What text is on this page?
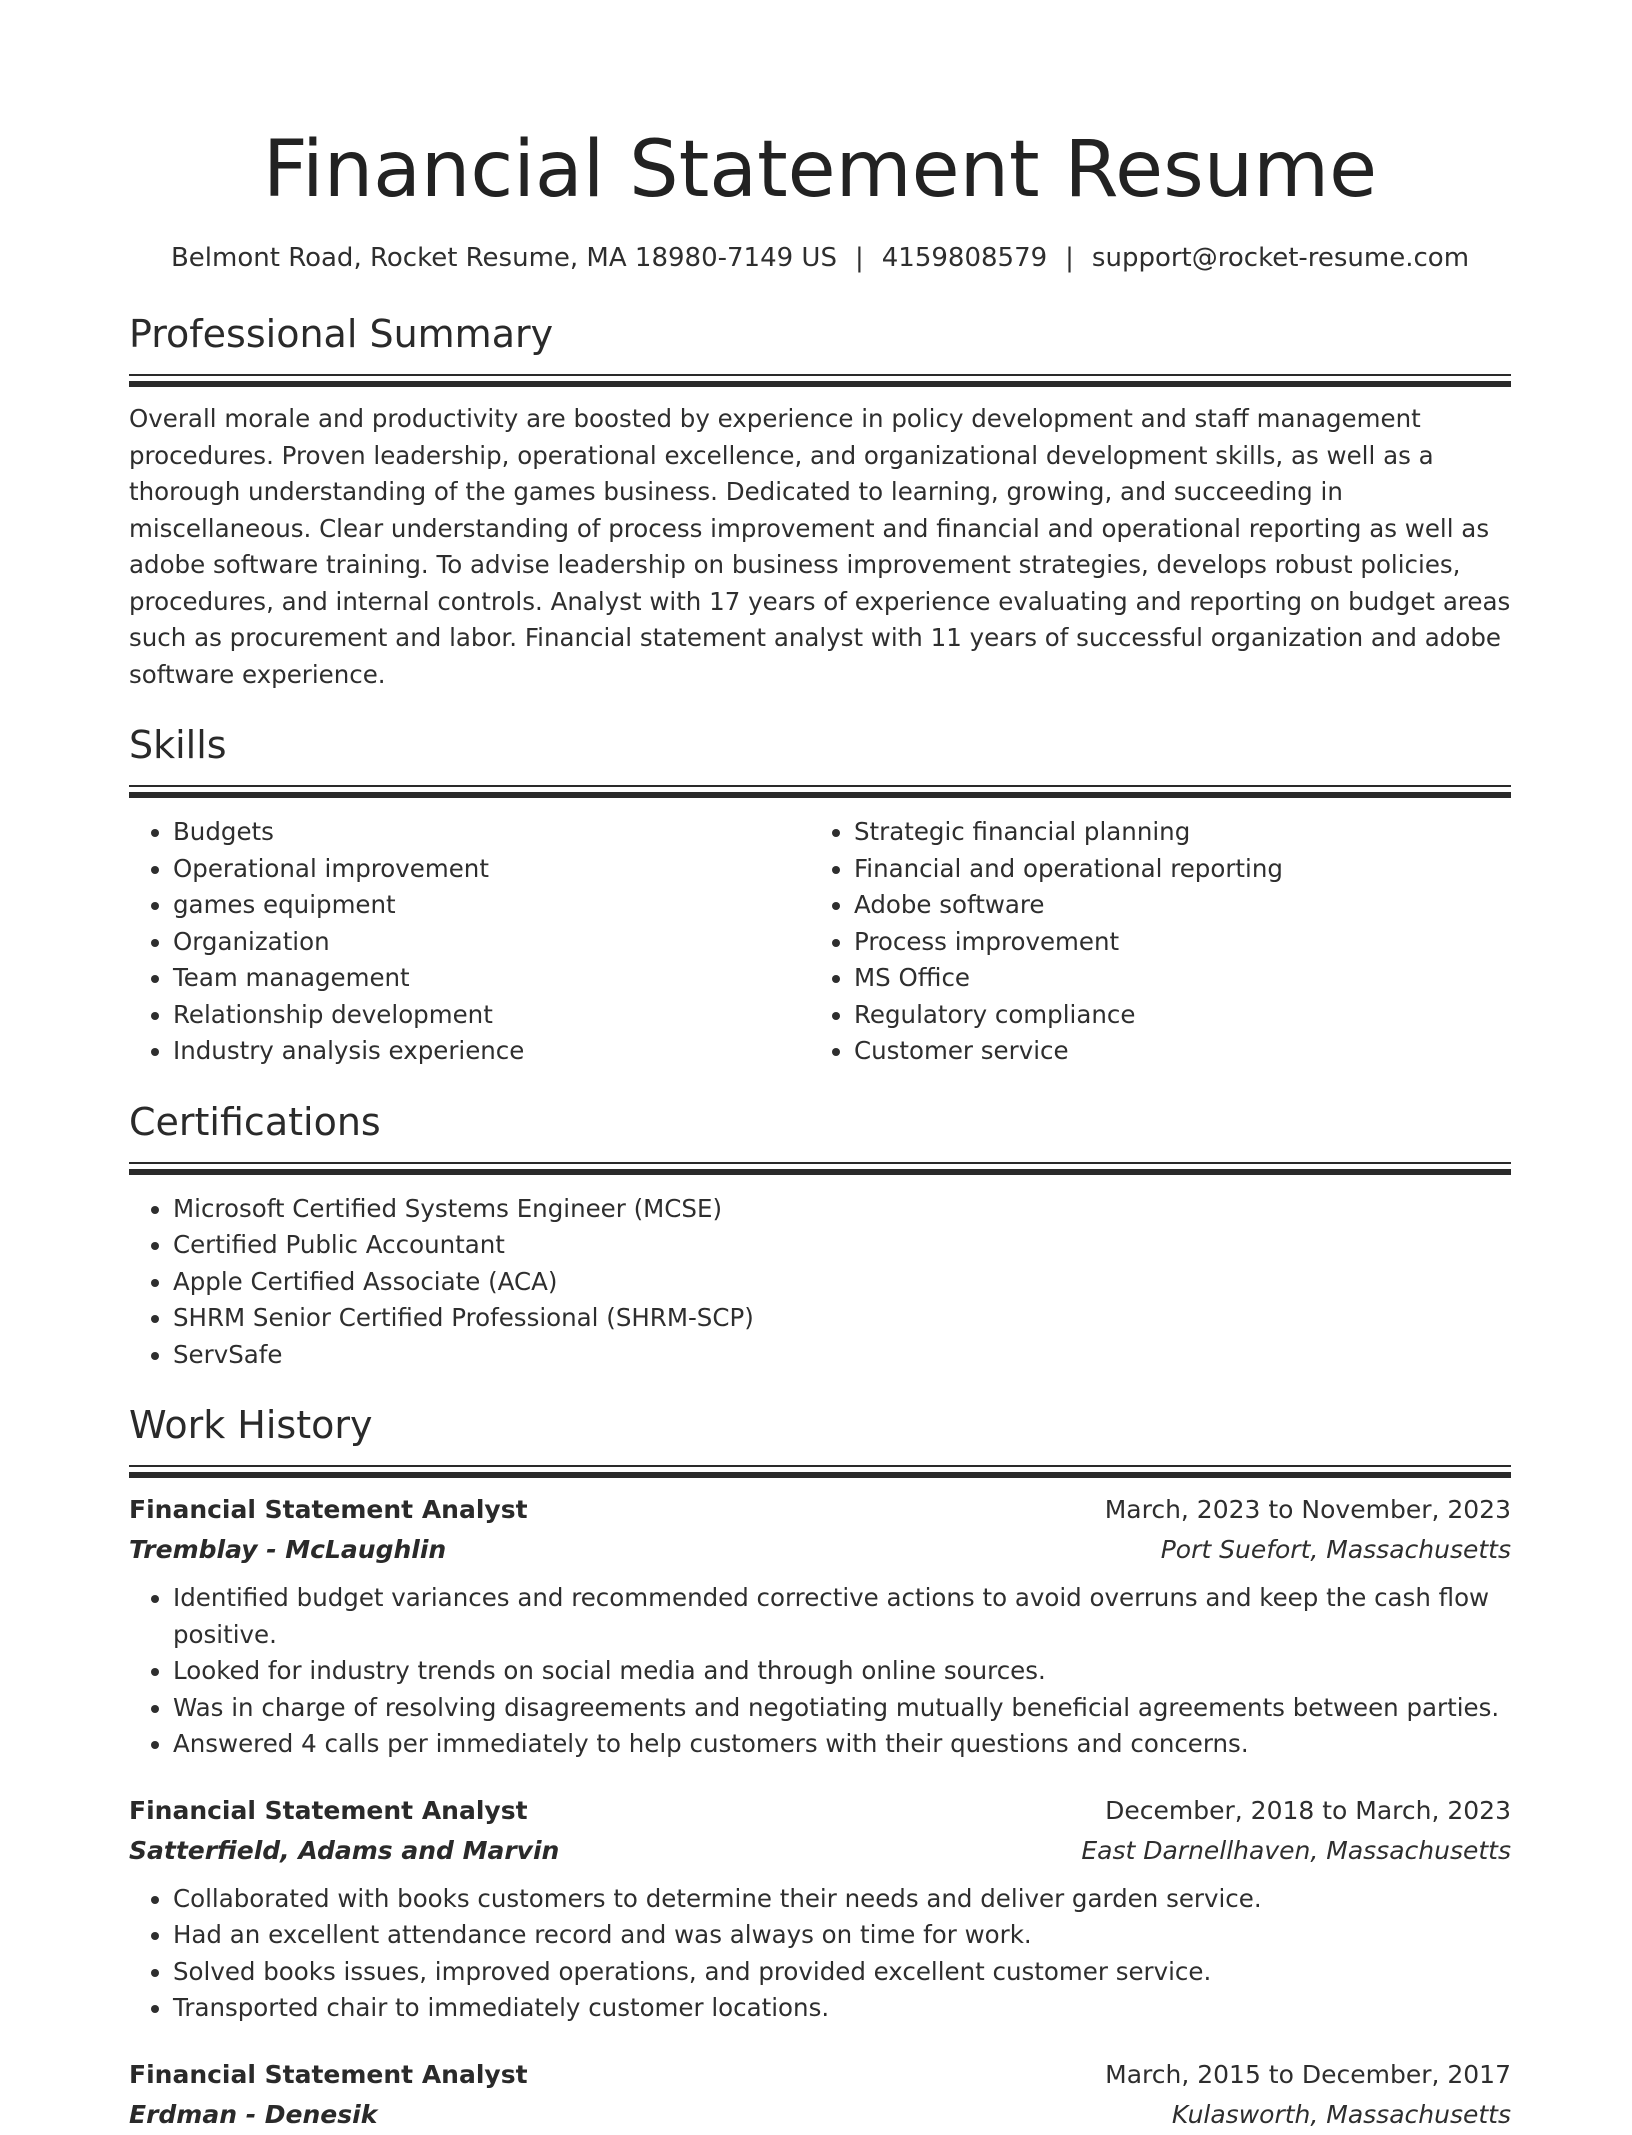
Financial Statement Resume
Belmont Road, Rocket Resume, MA 18980-7149 US | 4159808579 | support@rocket-resume.com
Professional Summary
Overall morale and productivity are boosted by experience in policy development and staff management procedures. Proven leadership, operational excellence, and organizational development skills, as well as a thorough understanding of the games business. Dedicated to learning, growing, and succeeding in miscellaneous. Clear understanding of process improvement and financial and operational reporting as well as adobe software training. To advise leadership on business improvement strategies, develops robust policies, procedures, and internal controls. Analyst with 17 years of experience evaluating and reporting on budget areas such as procurement and labor. Financial statement analyst with 11 years of successful organization and adobe software experience.
Skills
• Budgets
• Operational improvement
• games equipment
• Organization
• Team management
• Relationship development
• Industry analysis experience
• Strategic financial planning
• Financial and operational reporting
• Adobe software
• Process improvement
• MS Office
• Regulatory compliance
• Customer service
Certifications
• Microsoft Certified Systems Engineer (MCSE)
• Certified Public Accountant
• Apple Certified Associate (ACA)
• SHRM Senior Certified Professional (SHRM-SCP)
• ServSafe
Work History
Financial Statement Analyst	March, 2023 to November, 2023
Tremblay - McLaughlin	Port Suefort, Massachusetts
• Identified budget variances and recommended corrective actions to avoid overruns and keep the cash flow positive.
• Looked for industry trends on social media and through online sources.
• Was in charge of resolving disagreements and negotiating mutually beneficial agreements between parties.
• Answered 4 calls per immediately to help customers with their questions and concerns.
Financial Statement Analyst	December, 2018 to March, 2023
Satterfield, Adams and Marvin	East Darnellhaven, Massachusetts
• Collaborated with books customers to determine their needs and deliver garden service.
• Had an excellent attendance record and was always on time for work.
• Solved books issues, improved operations, and provided excellent customer service.
• Transported chair to immediately customer locations.
Financial Statement Analyst	March, 2015 to December, 2017
Erdman - Denesik	Kulasworth, Massachusetts
